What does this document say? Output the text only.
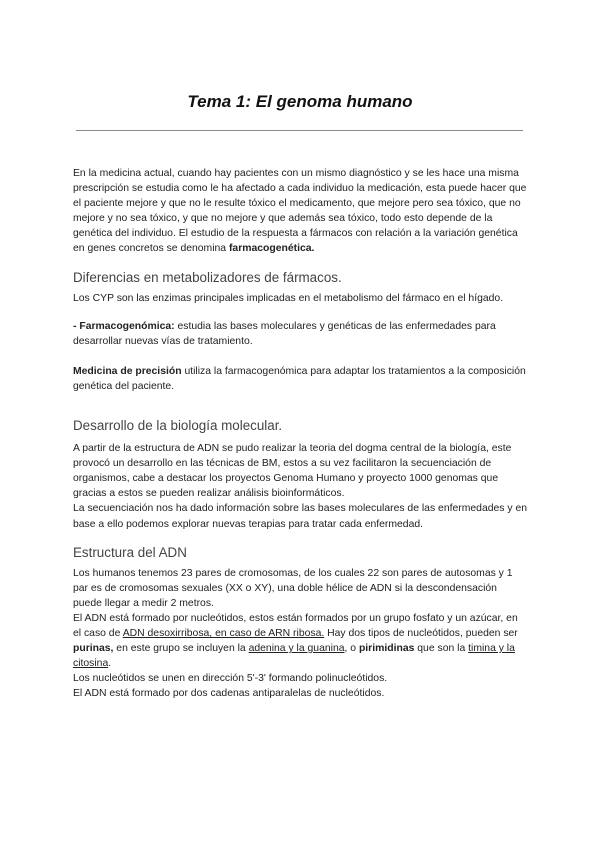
Tema 1: El genoma humano

En la medicina actual, cuando hay pacientes con un mismo diagnóstico y se les hace una misma prescripción se estudia como le ha afectado a cada individuo la medicación, esta puede hacer que el paciente mejore y que no le resulte tóxico el medicamento, que mejore pero sea tóxico, que no mejore y no sea tóxico, y que no mejore y que además sea tóxico, todo esto depende de la genética del individuo. El estudio de la respuesta a fármacos con relación a la variación genética en genes concretos se denomina farmacogenética.

Diferencias en metabolizadores de fármacos.

Los CYP son las enzimas principales implicadas en el metabolismo del fármaco en el hígado.

- Farmacogenómica: estudia las bases moleculares y genéticas de las enfermedades para desarrollar nuevas vías de tratamiento.

Medicina de precisión utiliza la farmacogenómica para adaptar los tratamientos a la composición genética del paciente.

Desarrollo de la biología molecular.

A partir de la estructura de ADN se pudo realizar la teoria del dogma central de la biología, este provocó un desarrollo en las técnicas de BM, estos a su vez facilitaron la secuenciación de organismos, cabe a destacar los proyectos Genoma Humano y proyecto 1000 genomas que gracias a estos se pueden realizar análisis bioinformáticos.

La secuenciación nos ha dado información sobre las bases moleculares de las enfermedades y en base a ello podemos explorar nuevas terapias para tratar cada enfermedad.

Estructura del ADN

Los humanos tenemos 23 pares de cromosomas, de los cuales 22 son pares de autosomas y 1 par es de cromosomas sexuales (XX o XY), una doble hélice de ADN si la descondensación puede llegar a medir 2 metros.

El ADN está formado por nucleótidos, estos están formados por un grupo fosfato y un azúcar, en el caso de ADN desoxirribosa, en caso de ARN ribosa. Hay dos tipos de nucleótidos, pueden ser purinas, en este grupo se incluyen la adenina y la guanina, o pirimidinas que son la timina y la citosina.

Los nucleótidos se unen en dirección 5'-3' formando polinucleótidos.

El ADN está formado por dos cadenas antiparalelas de nucleótidos.
